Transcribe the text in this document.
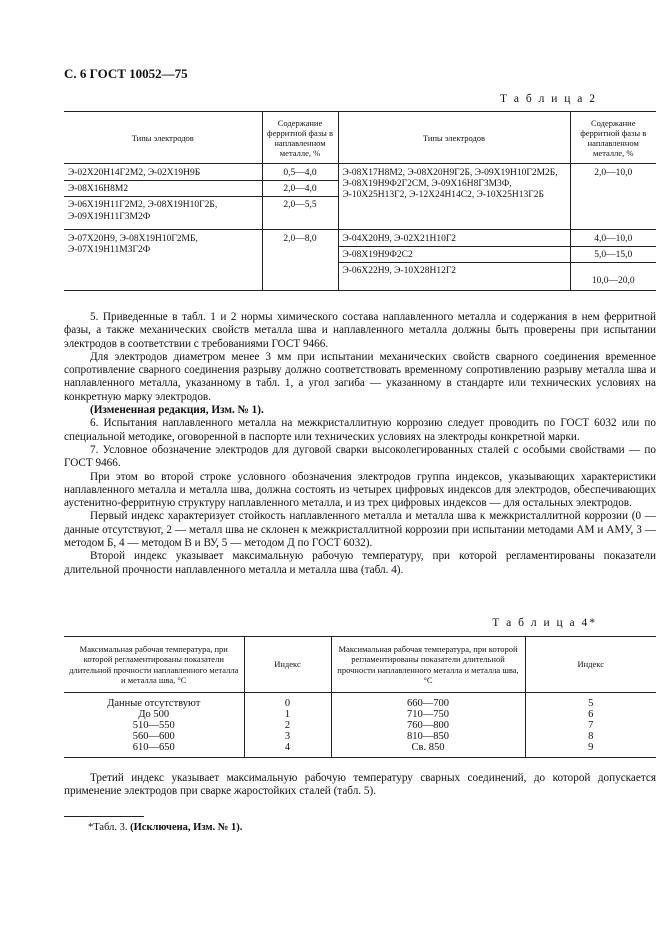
С. 6 ГОСТ 10052—75
Т а б л и ц а 2
Типы электродов	Содержание ферритной фазы в наплавленном металле, %	Типы электродов	Содержание ферритной фазы в наплавленном металле, %
Э-02Х20Н14Г2М2, Э-02Х19Н9Б	0,5—4,0	Э-08Х17Н8М2, Э-08Х20Н9Г2Б, Э-09Х19Н10Г2М2Б, Э-08Х19Н9Ф2Г2СМ, Э-09Х16Н8Г3М3Ф, Э-10Х25Н13Г2, Э-12Х24Н14С2, Э-10Х25Н13Г2Б	2,0—10,0
Э-08Х16Н8М2	2,0—4,0		
Э-06Х19Н11Г2М2, Э-08Х19Н10Г2Б, Э-09Х19Н11Г3М2Ф	2,0—5,5		

Э-07Х20Н9, Э-08Х19Н10Г2МБ, Э-07Х19Н11М3Г2Ф	2,0—8,0	Э-04Х20Н9, Э-02Х21Н10Г2	4,0—10,0
		Э-08Х19Н9Ф2С2	5,0—15,0
		Э-06Х22Н9, Э-10Х28Н12Г2	10,0—20,0

5. Приведенные в табл. 1 и 2 нормы химического состава наплавленного металла и содержания в нем ферритной фазы, а также механических свойств металла шва и наплавленного металла должны быть проверены при испытании электродов в соответствии с требованиями ГОСТ 9466.

Для электродов диаметром менее 3 мм при испытании механических свойств сварного соединения временное сопротивление сварного соединения разрыву должно соответствовать временному сопротивлению разрыву металла шва и наплавленного металла, указанному в табл. 1, а угол загиба — указанному в стандарте или технических условиях на конкретную марку электродов.

(Измененная редакция, Изм. № 1).

6. Испытания наплавленного металла на межкристаллитную коррозию следует проводить по ГОСТ 6032 или по специальной методике, оговоренной в паспорте или технических условиях на электроды конкретной марки.

7. Условное обозначение электродов для дуговой сварки высоколегированных сталей с особыми свойствами — по ГОСТ 9466.

При этом во второй строке условного обозначения электродов группа индексов, указывающих характеристики наплавленного металла и металла шва, должна состоять из четырех цифровых индексов для электродов, обеспечивающих аустенитно-ферритную структуру наплавленного металла, и из трех цифровых индексов — для остальных электродов.

Первый индекс характеризует стойкость наплавленного металла и металла шва к межкристаллитной коррозии (0 — данные отсутствуют, 2 — металл шва не склонен к межкристаллитной коррозии при испытании методами АМ и АМУ, 3 — методом Б, 4 — методом В и ВУ, 5 — методом Д по ГОСТ 6032).

Второй индекс указывает максимальную рабочую температуру, при которой регламентированы показатели длительной прочности наплавленного металла и металла шва (табл. 4).

Т а б л и ц а 4*
Максимальная рабочая температура, при которой регламентированы показатели длительной прочности наплавленного металла и металла шва, °С	Индекс	Максимальная рабочая температура, при которой регламентированы показатели длительной прочности наплавленного металла и металла шва, °С	Индекс
Данные отсутствуют	0	660—700	5
До 500	1	710—750	6
510—550	2	760—800	7
560—600	3	810—850	8
610—650	4	Св. 850	9

Третий индекс указывает максимальную рабочую температуру сварных соединений, до которой допускается применение электродов при сварке жаростойких сталей (табл. 5).

*Табл. 3. (Исключена, Изм. № 1).
